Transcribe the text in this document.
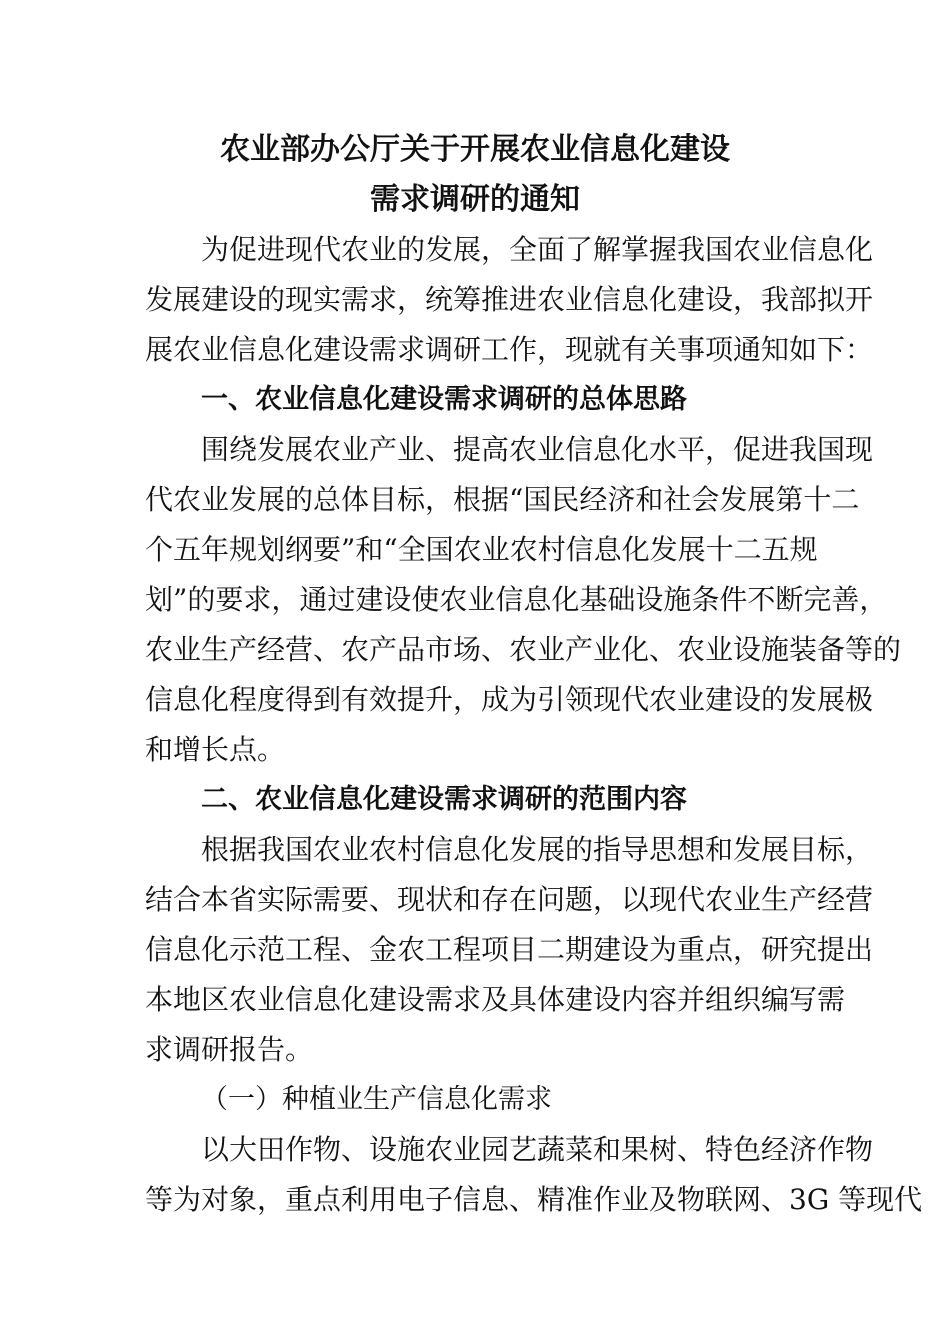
农业部办公厅关于开展农业信息化建设
需求调研的通知
为促进现代农业的发展，全面了解掌握我国农业信息化
发展建设的现实需求，统筹推进农业信息化建设，我部拟开
展农业信息化建设需求调研工作，现就有关事项通知如下：
一、农业信息化建设需求调研的总体思路
围绕发展农业产业、提高农业信息化水平，促进我国现
代农业发展的总体目标，根据“国民经济和社会发展第十二
个五年规划纲要”和“全国农业农村信息化发展十二五规
划”的要求，通过建设使农业信息化基础设施条件不断完善，
农业生产经营、农产品市场、农业产业化、农业设施装备等的
信息化程度得到有效提升，成为引领现代农业建设的发展极
和增长点。
二、农业信息化建设需求调研的范围内容
根据我国农业农村信息化发展的指导思想和发展目标，
结合本省实际需要、现状和存在问题，以现代农业生产经营
信息化示范工程、金农工程项目二期建设为重点，研究提出
本地区农业信息化建设需求及具体建设内容并组织编写需
求调研报告。
（一）种植业生产信息化需求
以大田作物、设施农业园艺蔬菜和果树、特色经济作物
等为对象，重点利用电子信息、精准作业及物联网、3G 等现代
